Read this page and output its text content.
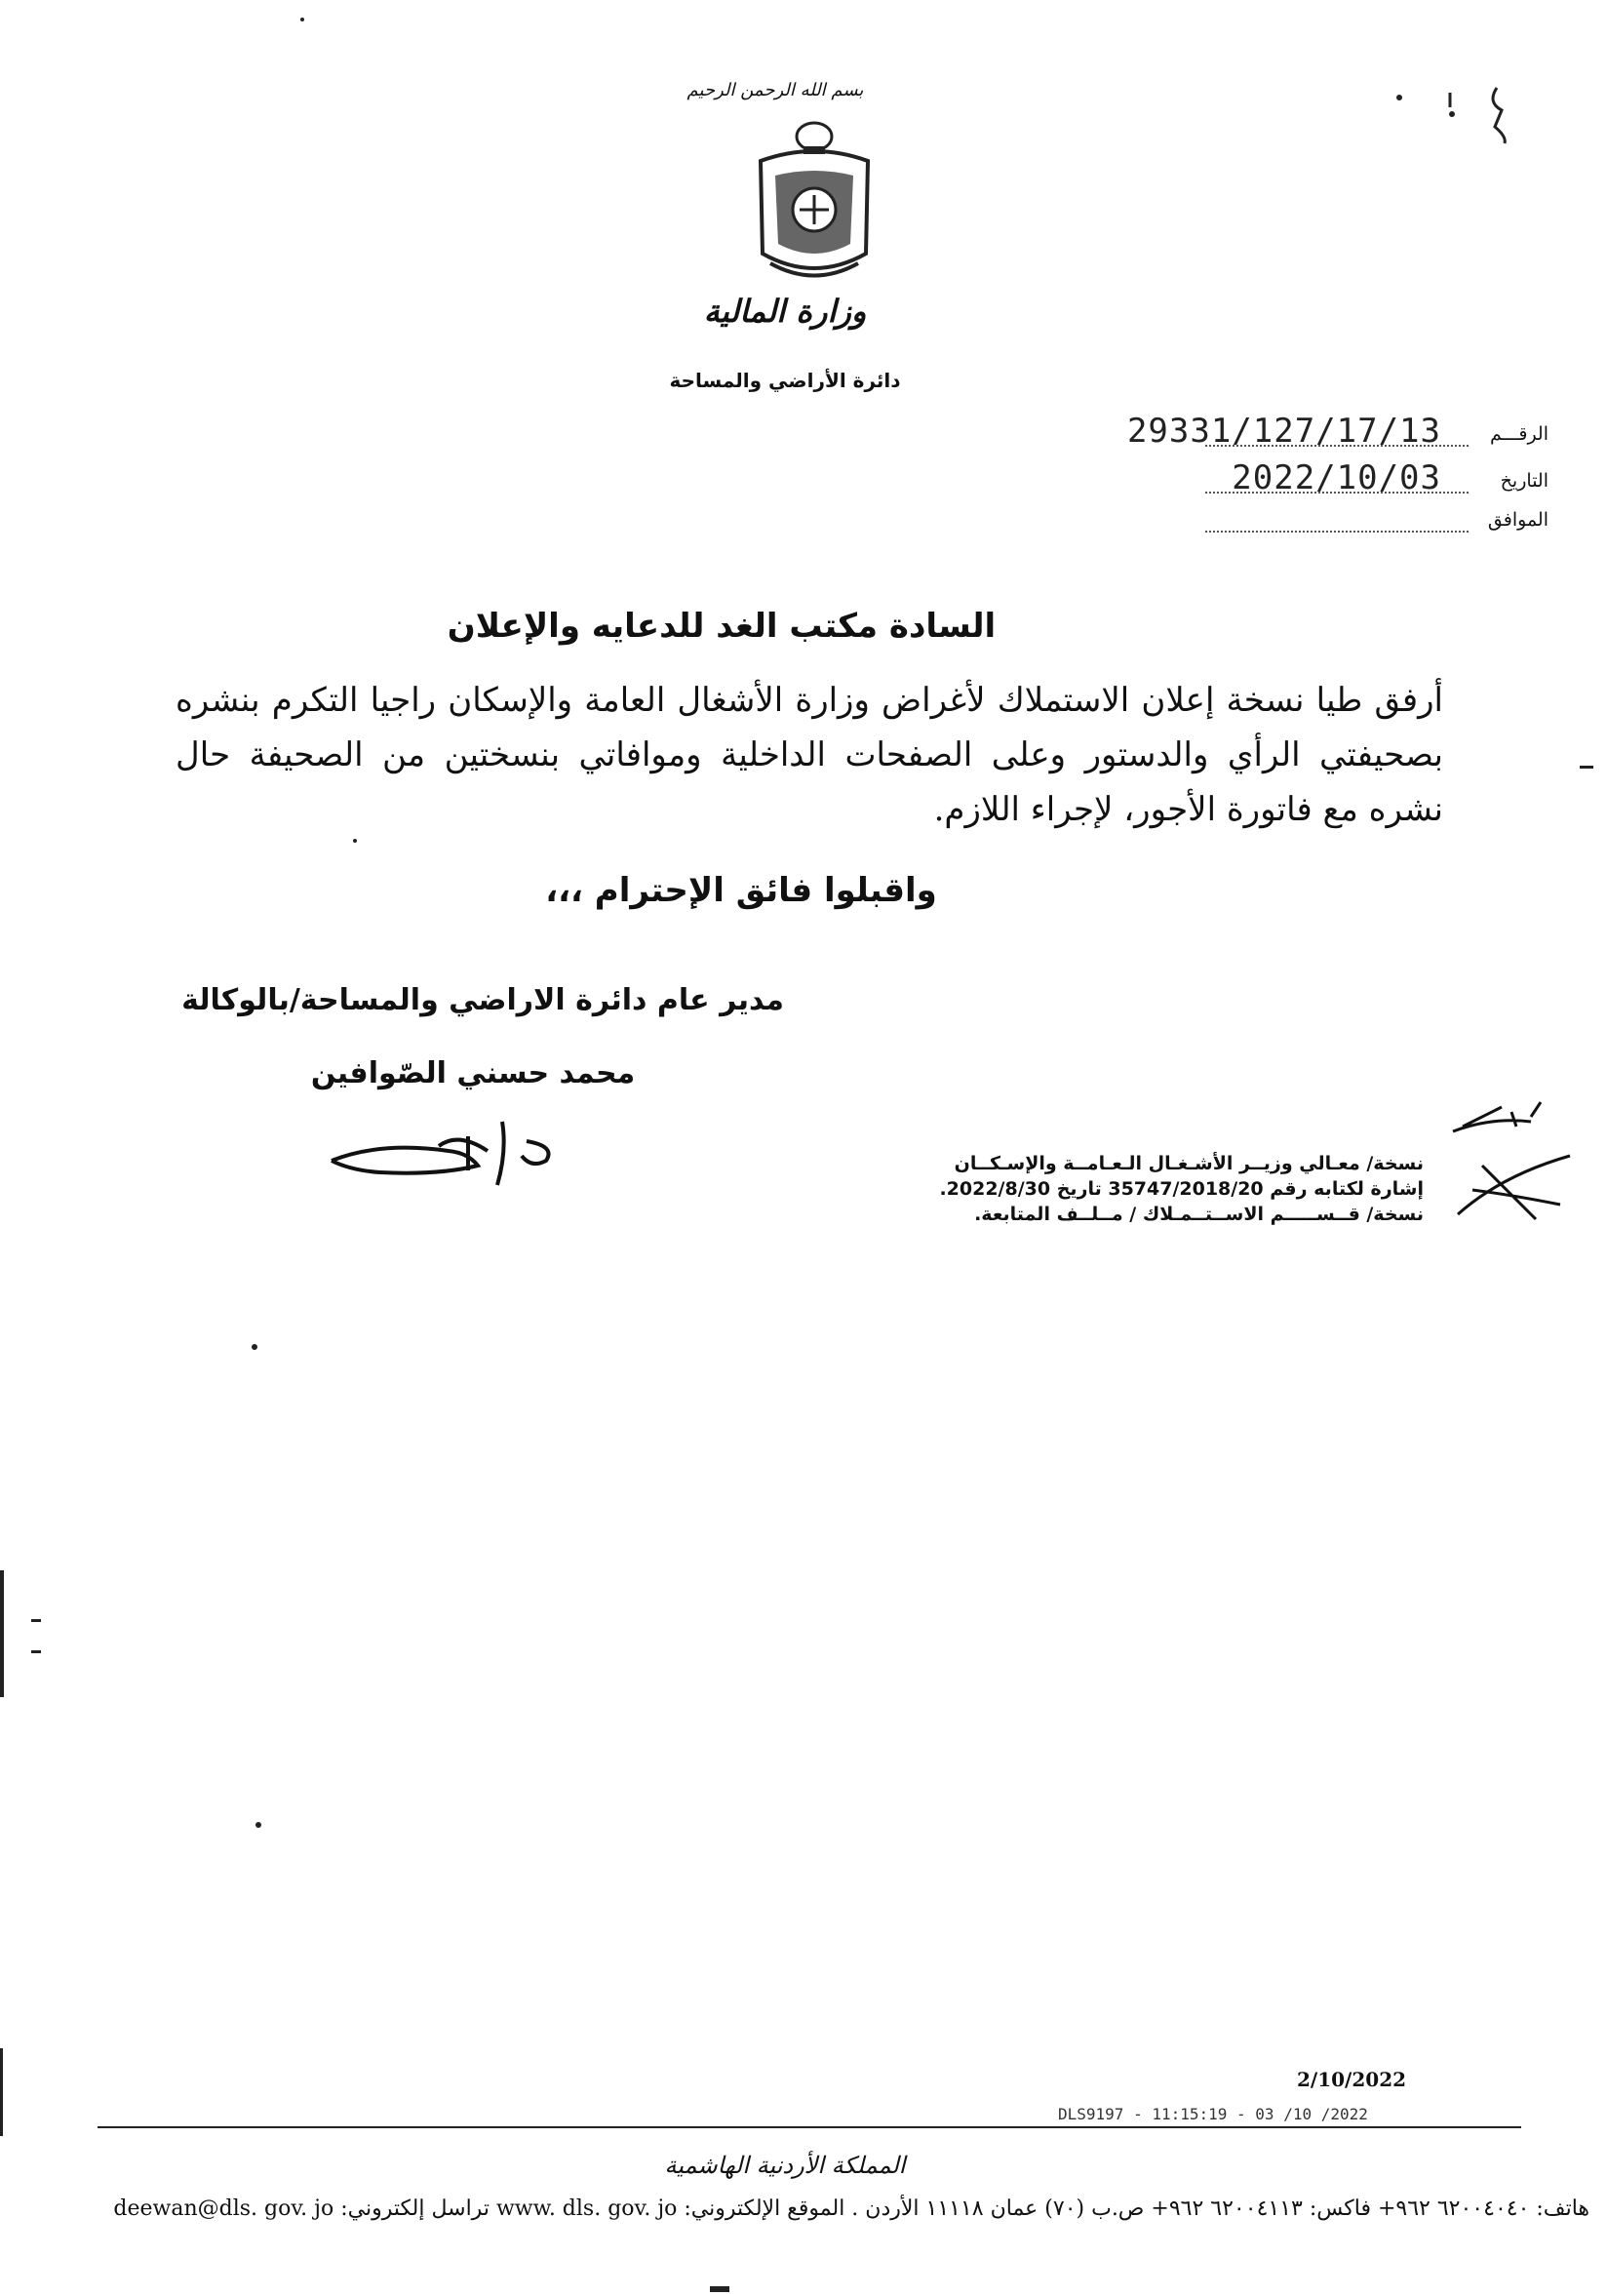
بسم الله الرحمن الرحيم
وزارة المالية
دائرة الأراضي والمساحة
الرقـــم
29331/127/17/13
التاريخ
2022/10/03
الموافق
السادة مكتب الغد للدعايه والإعلان
أرفق طيا نسخة إعلان الاستملاك لأغراض وزارة الأشغال العامة والإسكان راجيا التكرم بنشره بصحيفتي الرأي والدستور وعلى الصفحات الداخلية وموافاتي بنسختين من الصحيفة حال نشره مع فاتورة الأجور، لإجراء اللازم.
واقبلوا فائق الإحترام ،،،
مدير عام دائرة الاراضي والمساحة/بالوكالة
محمد حسني الصّوافين
نسخة/ معـالي وزيــر الأشـغـال الـعـامــة والإسـكــان
إشارة لكتابه رقم 35747/2018/20 تاريخ 2022/8/30.
نسخة/ قــســـــم الاســتــمـلاك / مــلــف المتابعة.
2/10/2022
DLS9197 - 11:15:19 - 03 /10 /2022
المملكة الأردنية الهاشمية
هاتف: ٦٢٠٠٤٠٤٠ ٩٦٢+ فاكس: ٦٢٠٠٤١١٣ ٩٦٢+ ص.ب (٧٠) عمان ١١١١٨ الأردن . الموقع الإلكتروني: www. dls. gov. jo تراسل إلكتروني: deewan@dls. gov. jo
